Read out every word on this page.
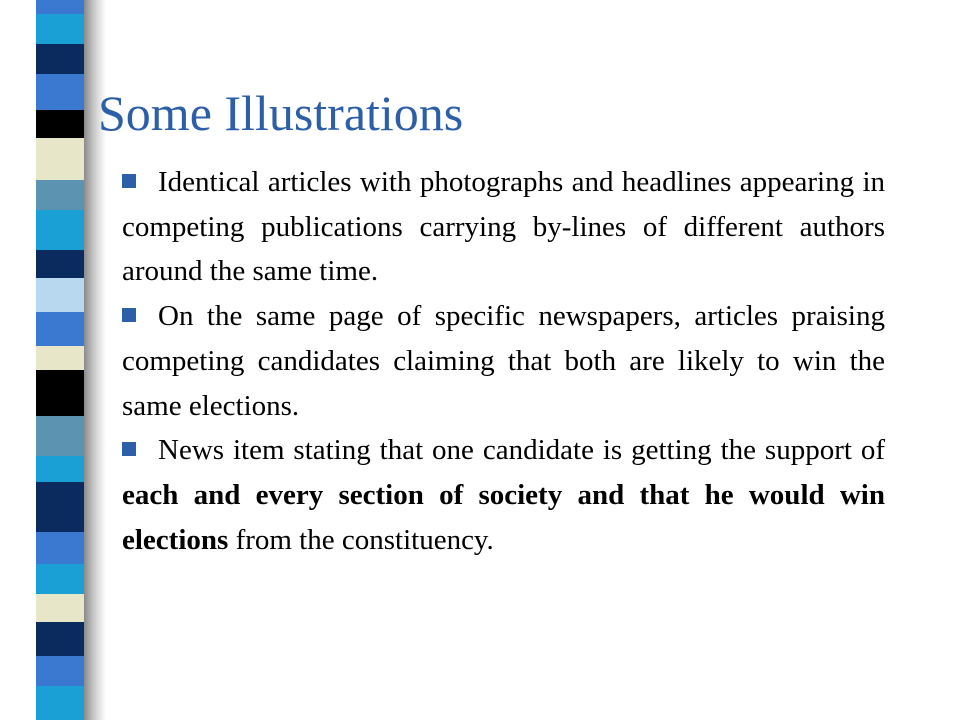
Some Illustrations
Identical articles with photographs and headlines appearing in competing publications carrying by-lines of different authors around the same time.
On the same page of specific newspapers, articles praising competing candidates claiming that both are likely to win the same elections.
News item stating that one candidate is getting the support of each and every section of society and that he would win elections from the constituency.
